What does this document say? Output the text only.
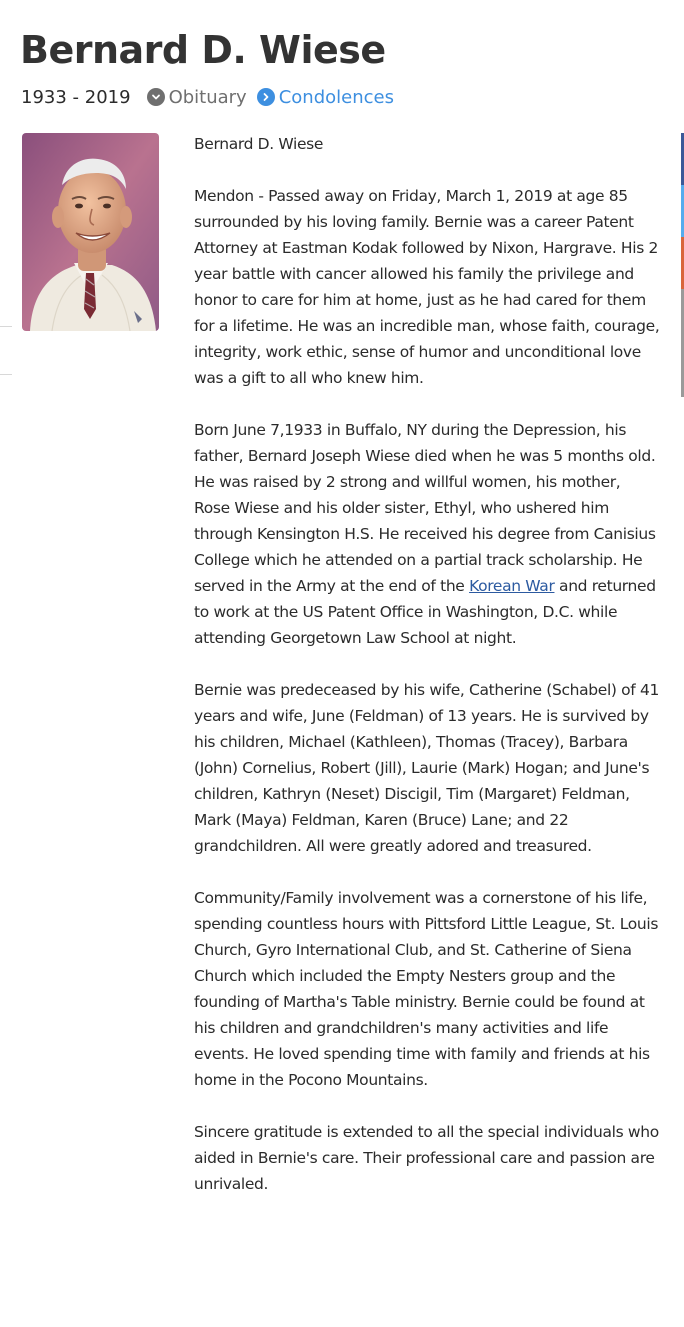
Bernard D. Wiese
1933 - 2019 Obituary Condolences

Bernard D. Wiese

Mendon - Passed away on Friday, March 1, 2019 at age 85 surrounded by his loving family. Bernie was a career Patent Attorney at Eastman Kodak followed by Nixon, Hargrave. His 2 year battle with cancer allowed his family the privilege and honor to care for him at home, just as he had cared for them for a lifetime. He was an incredible man, whose faith, courage, integrity, work ethic, sense of humor and unconditional love was a gift to all who knew him.

Born June 7,1933 in Buffalo, NY during the Depression, his father, Bernard Joseph Wiese died when he was 5 months old. He was raised by 2 strong and willful women, his mother, Rose Wiese and his older sister, Ethyl, who ushered him through Kensington H.S. He received his degree from Canisius College which he attended on a partial track scholarship. He served in the Army at the end of the Korean War and returned to work at the US Patent Office in Washington, D.C. while attending Georgetown Law School at night.

Bernie was predeceased by his wife, Catherine (Schabel) of 41 years and wife, June (Feldman) of 13 years. He is survived by his children, Michael (Kathleen), Thomas (Tracey), Barbara (John) Cornelius, Robert (Jill), Laurie (Mark) Hogan; and June's children, Kathryn (Neset) Discigil, Tim (Margaret) Feldman, Mark (Maya) Feldman, Karen (Bruce) Lane; and 22 grandchildren. All were greatly adored and treasured.

Community/Family involvement was a cornerstone of his life, spending countless hours with Pittsford Little League, St. Louis Church, Gyro International Club, and St. Catherine of Siena Church which included the Empty Nesters group and the founding of Martha's Table ministry. Bernie could be found at his children and grandchildren's many activities and life events. He loved spending time with family and friends at his home in the Pocono Mountains.

Sincere gratitude is extended to all the special individuals who aided in Bernie's care. Their professional care and passion are unrivaled.
